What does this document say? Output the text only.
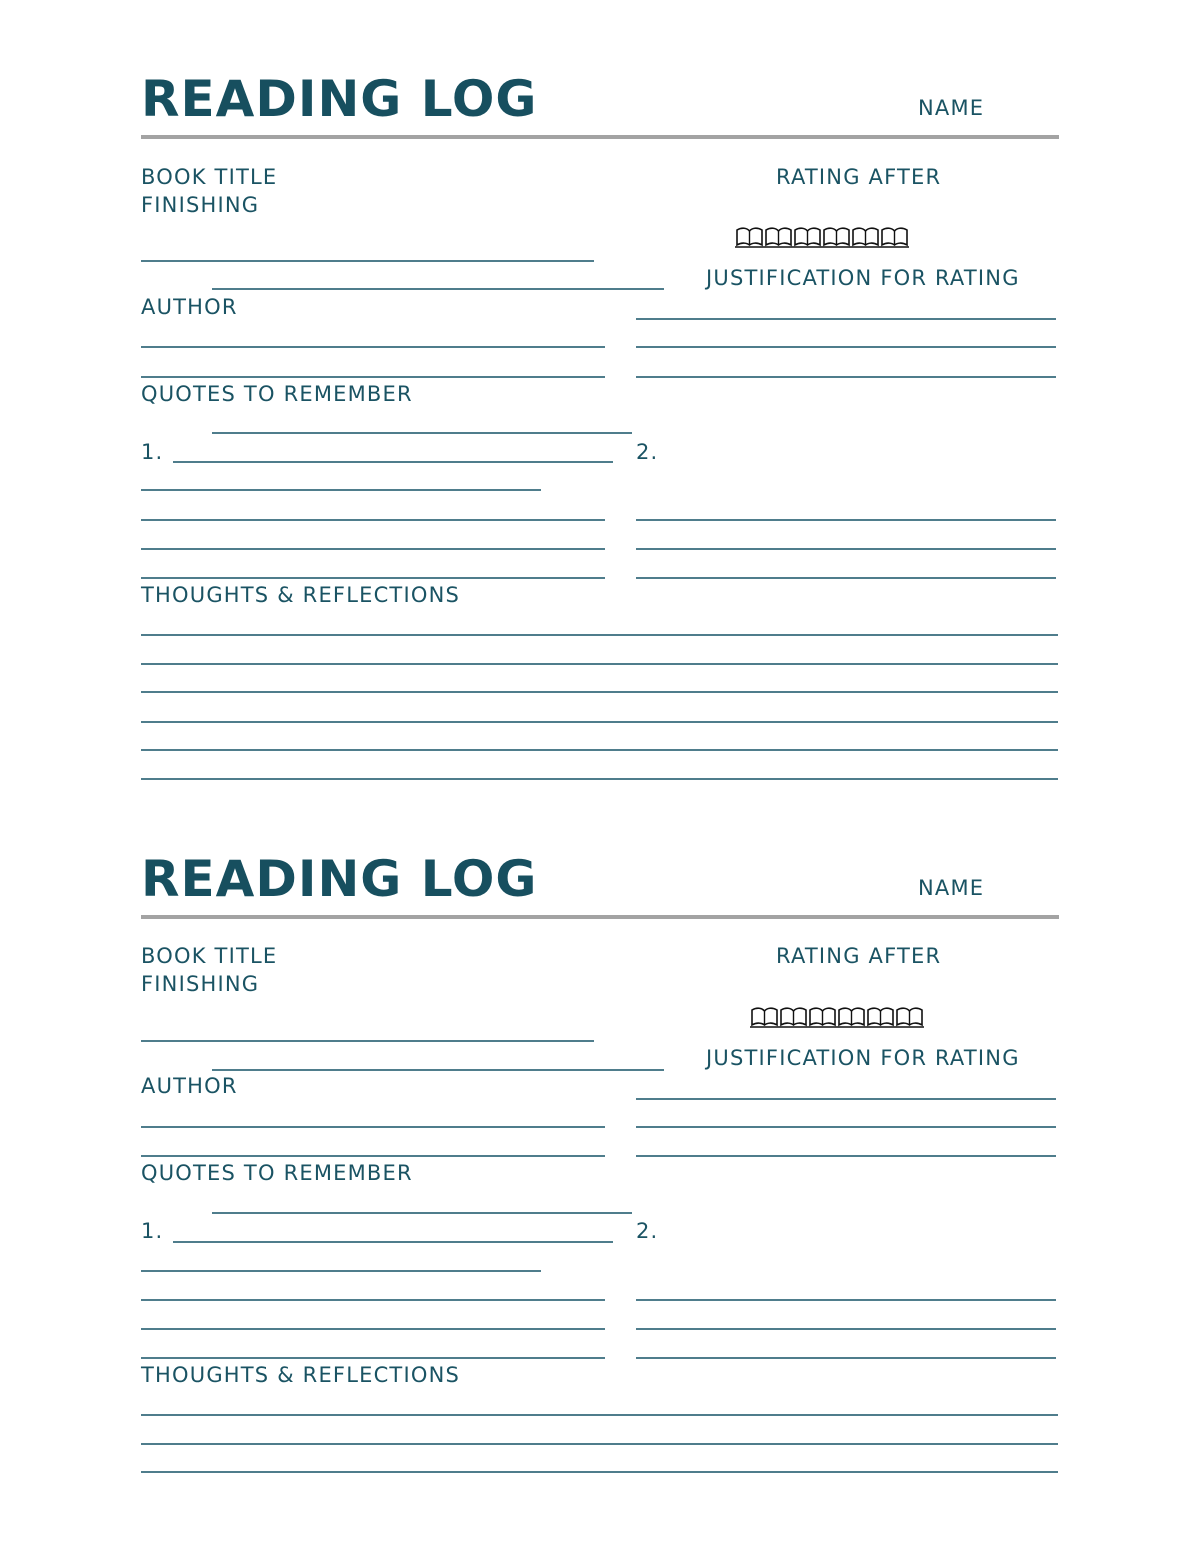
READING LOG	NAME
BOOK TITLE
FINISHING
RATING AFTER
JUSTIFICATION FOR RATING
AUTHOR
QUOTES TO REMEMBER
1.	2.
THOUGHTS & REFLECTIONS
READING LOG	NAME
BOOK TITLE
FINISHING
RATING AFTER
JUSTIFICATION FOR RATING
AUTHOR
QUOTES TO REMEMBER
1.	2.
THOUGHTS & REFLECTIONS
